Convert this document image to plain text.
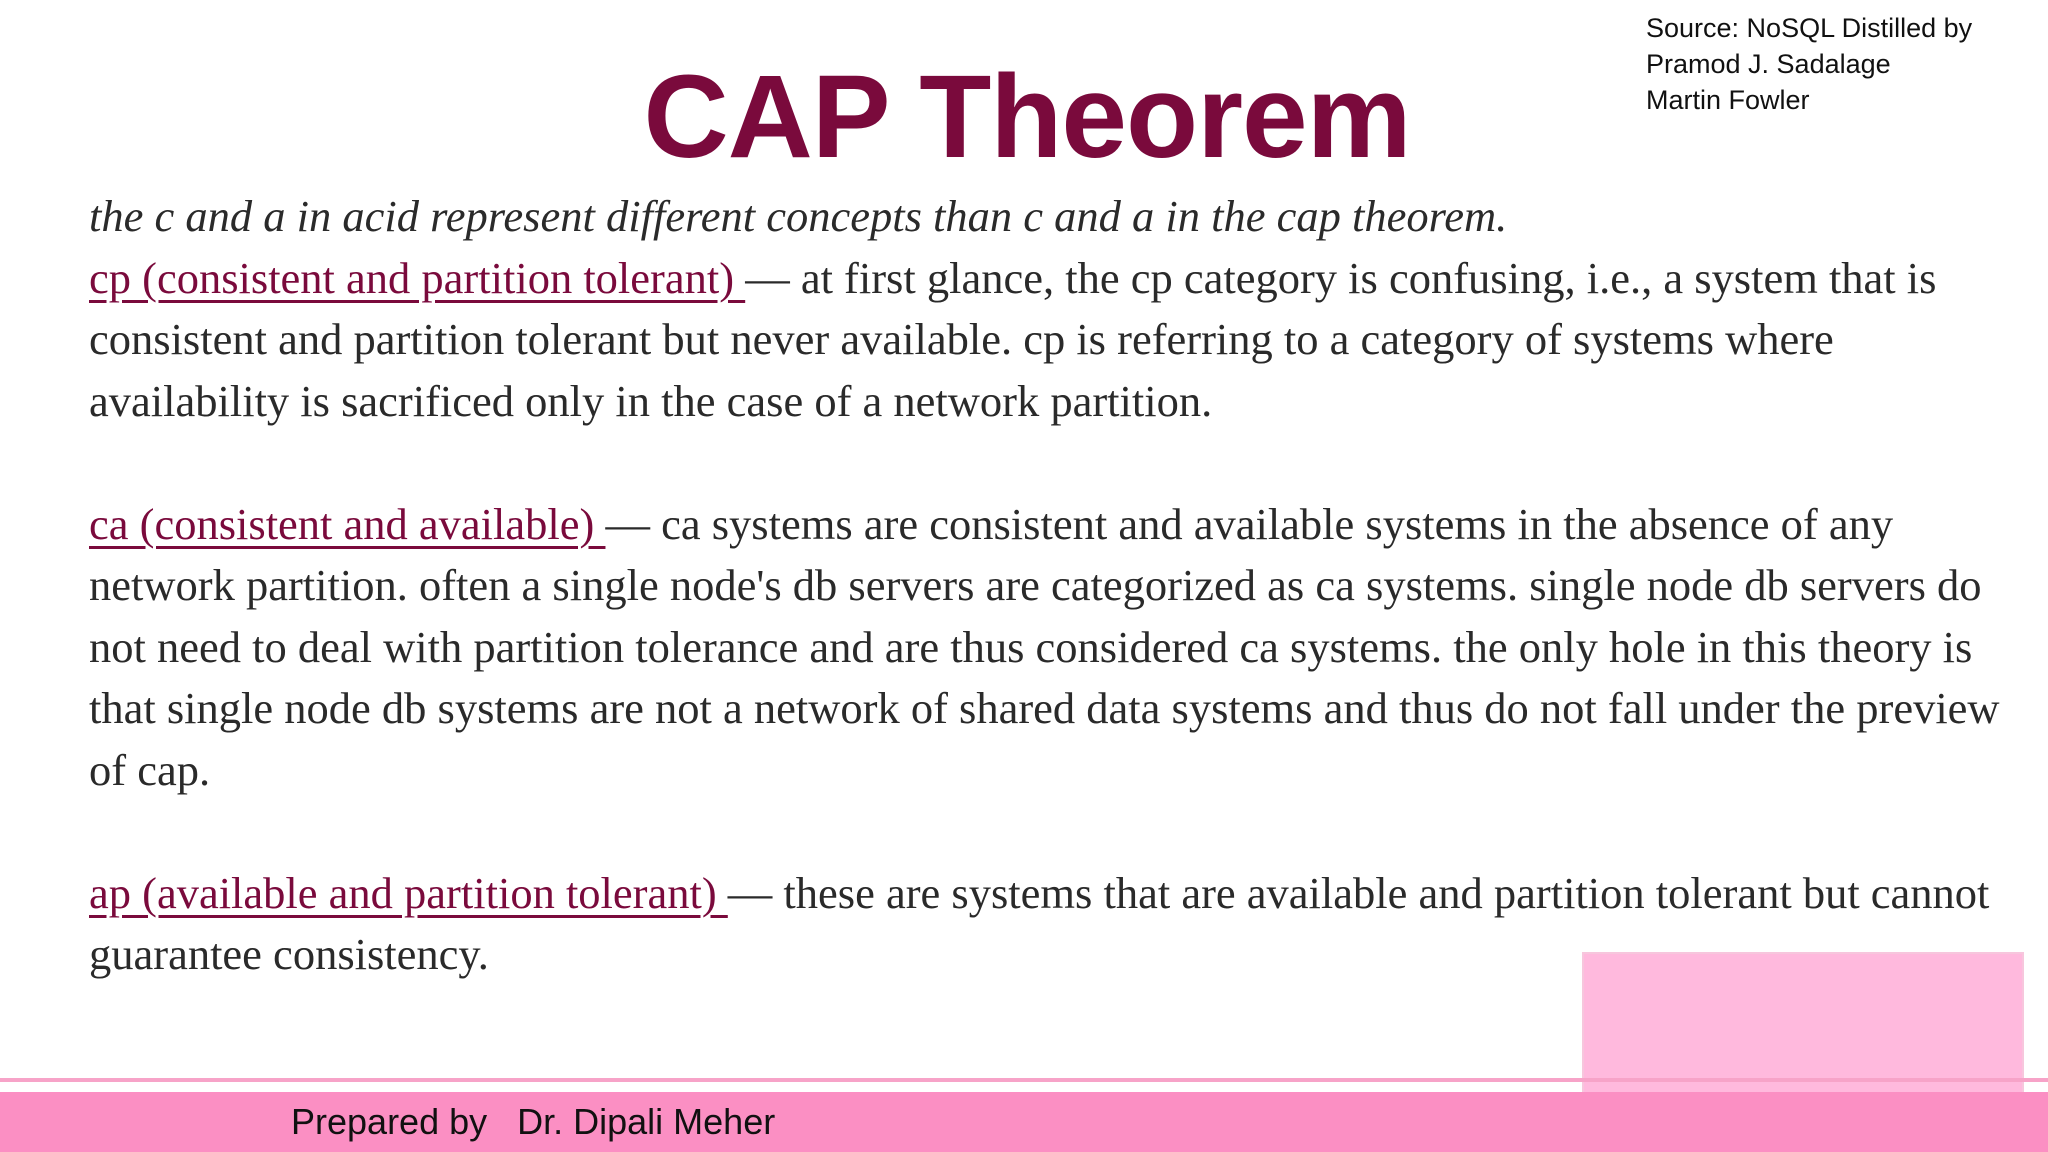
CAP Theorem
Source: NoSQL Distilled by
Pramod J. Sadalage
Martin Fowler

the c and a in acid represent different concepts than c and a in the cap theorem.

cp (consistent and partition tolerant) — at first glance, the cp category is confusing, i.e., a system that is consistent and partition tolerant but never available. cp is referring to a category of systems where availability is sacrificed only in the case of a network partition.

ca (consistent and available) — ca systems are consistent and available systems in the absence of any network partition. often a single node's db servers are categorized as ca systems. single node db servers do not need to deal with partition tolerance and are thus considered ca systems. the only hole in this theory is that single node db systems are not a network of shared data systems and thus do not fall under the preview of cap.

ap (available and partition tolerant) — these are systems that are available and partition tolerant but cannot guarantee consistency.

Prepared by   Dr. Dipali Meher
